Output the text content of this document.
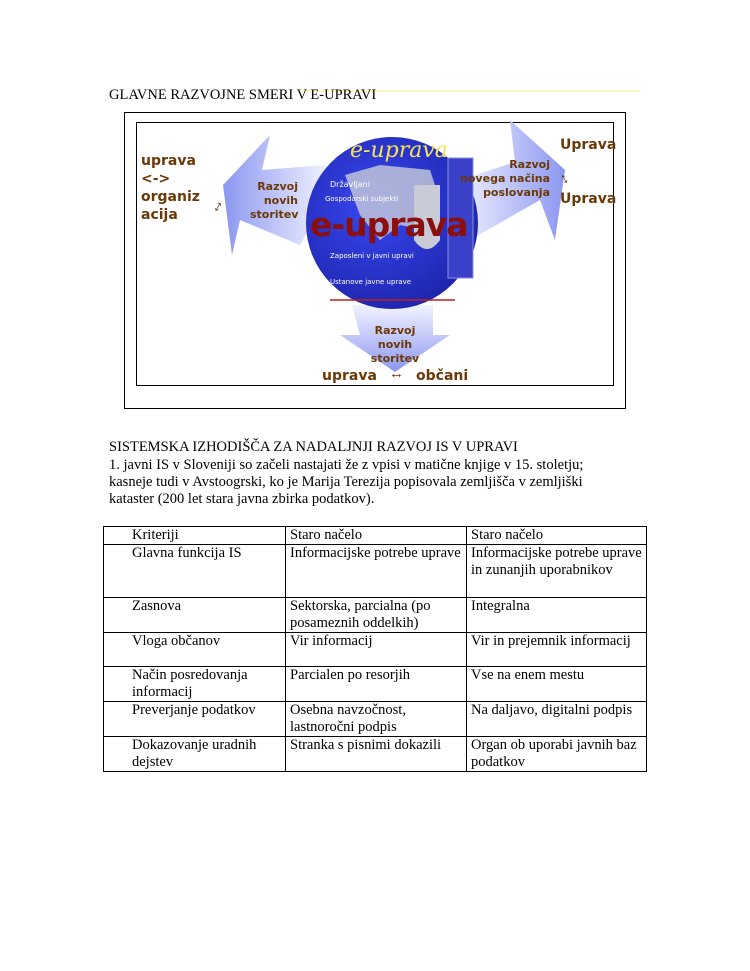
GLAVNE RAZVOJNE SMERI V E-UPRAVI
e-uprava
Državljani
Gospodarski subjekti
e-uprava
Zaposleni v javni upravi
Ustanove javne uprave
Razvoj
novih
storitev
uprava
<->
organiz
acija	↕
Razvoj
novega načina
poslovanja
Uprava
↕
Uprava
Razvoj
novih
storitev
uprava ↔ občani
SISTEMSKA IZHODIŠČA ZA NADALJNJI RAZVOJ IS V UPRAVI
1. javni IS v Sloveniji so začeli nastajati že z vpisi v matične knjige v 15. stoletju;
kasneje tudi v Avstoogrski, ko je Marija Terezija popisovala zemljišča v zemljiški
kataster (200 let stara javna zbirka podatkov).
Kriteriji	Staro načelo	Staro načelo
Glavna funkcija IS	Informacijske potrebe uprave	Informacijske potrebe uprave in zunanjih uporabnikov
Zasnova	Sektorska, parcialna (po posameznih oddelkih)	Integralna
Vloga občanov	Vir informacij	Vir in prejemnik informacij
Način posredovanja informacij	Parcialen po resorjih	Vse na enem mestu
Preverjanje podatkov	Osebna navzočnost, lastnoročni podpis	Na daljavo, digitalni podpis
Dokazovanje uradnih dejstev	Stranka s pisnimi dokazili	Organ ob uporabi javnih baz podatkov
